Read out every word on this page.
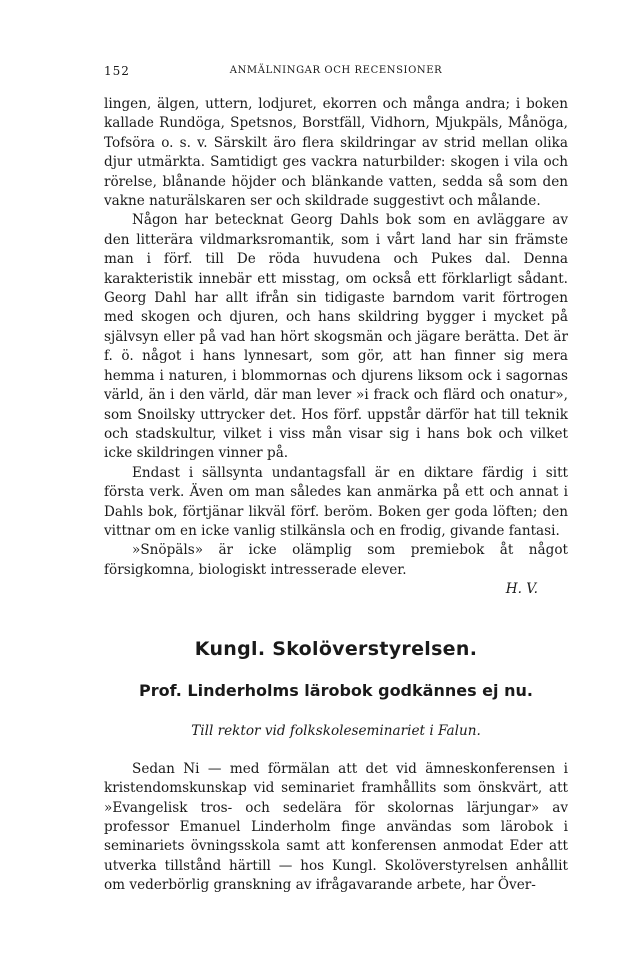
152	ANMÄLNINGAR OCH RECENSIONER

lingen, älgen, uttern, lodjuret, ekorren och många andra; i boken kallade Rundöga, Spetsnos, Borstfäll, Vidhorn, Mjukpäls, Månöga, Tofsöra o. s. v. Särskilt äro flera skildringar av strid mellan olika djur utmärkta. Samtidigt ges vackra naturbilder: skogen i vila och rörelse, blånande höjder och blänkande vatten, sedda så som den vakne naturälskaren ser och skildrade suggestivt och målande.

Någon har betecknat Georg Dahls bok som en avläggare av den litterära vildmarksromantik, som i vårt land har sin främste man i förf. till De röda huvudena och Pukes dal. Denna karakteristik innebär ett misstag, om också ett förklarligt sådant. Georg Dahl har allt ifrån sin tidigaste barndom varit förtrogen med skogen och djuren, och hans skildring bygger i mycket på självsyn eller på vad han hört skogsmän och jägare berätta. Det är f. ö. något i hans lynnesart, som gör, att han finner sig mera hemma i naturen, i blommornas och djurens liksom ock i sagornas värld, än i den värld, där man lever »i frack och flärd och onatur», som Snoilsky uttrycker det. Hos förf. uppstår därför hat till teknik och stadskultur, vilket i viss mån visar sig i hans bok och vilket icke skildringen vinner på.

Endast i sällsynta undantagsfall är en diktare färdig i sitt första verk. Även om man således kan anmärka på ett och annat i Dahls bok, förtjänar likväl förf. beröm. Boken ger goda löften; den vittnar om en icke vanlig stilkänsla och en frodig, givande fantasi.

»Snöpäls» är icke olämplig som premiebok åt något försigkomna, biologiskt intresserade elever.

H. V.

Kungl. Skolöverstyrelsen.
Prof. Linderholms lärobok godkännes ej nu.

Till rektor vid folkskoleseminariet i Falun.

Sedan Ni — med förmälan att det vid ämneskonferensen i kristendomskunskap vid seminariet framhållits som önskvärt, att »Evangelisk tros- och sedelära för skolornas lärjungar» av professor Emanuel Linderholm finge användas som lärobok i seminariets övningsskola samt att konferensen anmodat Eder att utverka tillstånd härtill — hos Kungl. Skolöverstyrelsen anhållit om vederbörlig granskning av ifrågavarande arbete, har Över-
